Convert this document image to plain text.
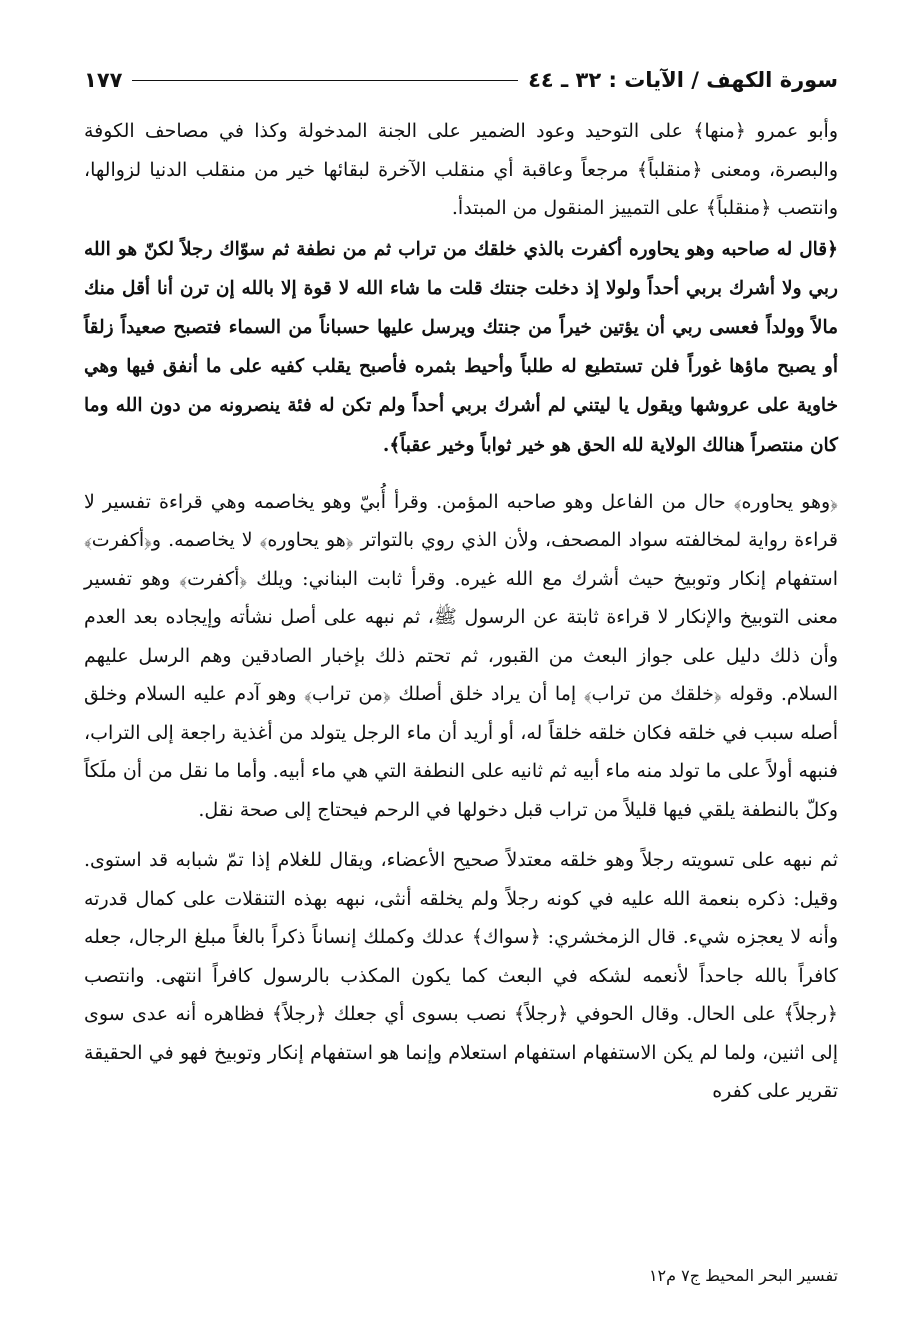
سورة الكهف / الآيات : ٣٢ ـ ٤٤
١٧٧

وأبو عمرو ﴿منها﴾ على التوحيد وعود الضمير على الجنة المدخولة وكذا في مصاحف الكوفة والبصرة، ومعنى ﴿منقلباً﴾ مرجعاً وعاقبة أي منقلب الآخرة لبقائها خير من منقلب الدنيا لزوالها، وانتصب ﴿منقلباً﴾ على التمييز المنقول من المبتدأ.

﴿قال له صاحبه وهو يحاوره أكفرت بالذي خلقك من تراب ثم من نطفة ثم سوّاك رجلاً لكنّ هو الله ربي ولا أشرك بربي أحداً ولولا إذ دخلت جنتك قلت ما شاء الله لا قوة إلا بالله إن ترن أنا أقل منك مالاً وولداً فعسى ربي أن يؤتين خيراً من جنتك ويرسل عليها حسباناً من السماء فتصبح صعيداً زلقاً أو يصبح ماؤها غوراً فلن تستطيع له طلباً وأحيط بثمره فأصبح يقلب كفيه على ما أنفق فيها وهي خاوية على عروشها ويقول يا ليتني لم أشرك بربي أحداً ولم تكن له فئة ينصرونه من دون الله وما كان منتصراً هنالك الولاية لله الحق هو خير ثواباً وخير عقباً﴾.

﴿وهو يحاوره﴾ حال من الفاعل وهو صاحبه المؤمن. وقرأ أُبيّ وهو يخاصمه وهي قراءة تفسير لا قراءة رواية لمخالفته سواد المصحف، ولأن الذي روي بالتواتر ﴿هو يحاوره﴾ لا يخاصمه. و﴿أكفرت﴾ استفهام إنكار وتوبيخ حيث أشرك مع الله غيره. وقرأ ثابت البناني: ويلك ﴿أكفرت﴾ وهو تفسير معنى التوبيخ والإنكار لا قراءة ثابتة عن الرسول ﷺ، ثم نبهه على أصل نشأته وإيجاده بعد العدم وأن ذلك دليل على جواز البعث من القبور، ثم تحتم ذلك بإخبار الصادقين وهم الرسل عليهم السلام. وقوله ﴿خلقك من تراب﴾ إما أن يراد خلق أصلك ﴿من تراب﴾ وهو آدم عليه السلام وخلق أصله سبب في خلقه فكان خلقه خلقاً له، أو أريد أن ماء الرجل يتولد من أغذية راجعة إلى التراب، فنبهه أولاً على ما تولد منه ماء أبيه ثم ثانيه على النطفة التي هي ماء أبيه. وأما ما نقل من أن ملَكاً وكلّ بالنطفة يلقي فيها قليلاً من تراب قبل دخولها في الرحم فيحتاج إلى صحة نقل.

ثم نبهه على تسويته رجلاً وهو خلقه معتدلاً صحيح الأعضاء، ويقال للغلام إذا تمّ شبابه قد استوى. وقيل: ذكره بنعمة الله عليه في كونه رجلاً ولم يخلقه أنثى، نبهه بهذه التنقلات على كمال قدرته وأنه لا يعجزه شيء. قال الزمخشري: ﴿سواك﴾ عدلك وكملك إنساناً ذكراً بالغاً مبلغ الرجال، جعله كافراً بالله جاحداً لأنعمه لشكه في البعث كما يكون المكذب بالرسول كافراً انتهى. وانتصب ﴿رجلاً﴾ على الحال. وقال الحوفي ﴿رجلاً﴾ نصب بسوى أي جعلك ﴿رجلاً﴾ فظاهره أنه عدى سوى إلى اثنين، ولما لم يكن الاستفهام استفهام استعلام وإنما هو استفهام إنكار وتوبيخ فهو في الحقيقة تقرير على كفره

تفسير البحر المحيط ج٧ م١٢
